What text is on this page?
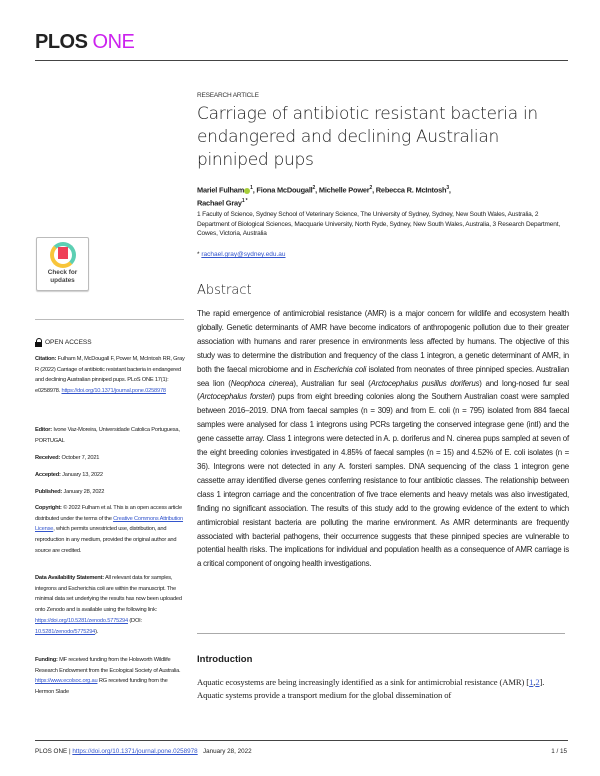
PLOS ONE
RESEARCH ARTICLE
Carriage of antibiotic resistant bacteria in endangered and declining Australian pinniped pups
Mariel Fulham $^1$, Fiona McDougall$^2$, Michelle Power$^2$, Rebecca R. McIntosh$^3$,
Rachael Gray$^{1 *}$
1 Faculty of Science, Sydney School of Veterinary Science, The University of Sydney, Sydney, New South Wales, Australia, 2 Department of Biological Sciences, Macquarie University, North Ryde, Sydney, New South Wales, Australia, 3 Research Department, Cowes, Victoria, Australia
* rachael.gray@sydney.edu.au
Abstract

The rapid emergence of antimicrobial resistance (AMR) is a major concern for wildlife and ecosystem health globally. Genetic determinants of AMR have become indicators of anthropogenic pollution due to their greater association with humans and rarer presence in environments less affected by humans. The objective of this study was to determine the distribution and frequency of the class 1 integron, a genetic determinant of AMR, in both the faecal microbiome and in Escherichia coli isolated from neonates of three pinniped species. Australian sea lion (Neophoca cinerea), Australian fur seal (Arctocephalus pusillus doriferus) and long-nosed fur seal (Arctocephalus forsteri) pups from eight breeding colonies along the Southern Australian coast were sampled between 2016–2019. DNA from faecal samples (n = 309) and from E. coli (n = 795) isolated from 884 faecal samples were analysed for class 1 integrons using PCRs targeting the conserved integrase gene (intI) and the gene cassette array. Class 1 integrons were detected in A. p. doriferus and N. cinerea pups sampled at seven of the eight breeding colonies investigated in 4.85% of faecal samples (n = 15) and 4.52% of E. coli isolates (n = 36). Integrons were not detected in any A. forsteri samples. DNA sequencing of the class 1 integron gene cassette array identified diverse genes conferring resistance to four antibiotic classes. The relationship between class 1 integron carriage and the concentration of five trace elements and heavy metals was also investigated, finding no significant association. The results of this study add to the growing evidence of the extent to which antimicrobial resistant bacteria are polluting the marine environment. As AMR determinants are frequently associated with bacterial pathogens, their occurrence suggests that these pinniped species are vulnerable to potential health risks. The implications for individual and population health as a consequence of AMR carriage is a critical component of ongoing health investigations.

Introduction

Aquatic ecosystems are being increasingly identified as a sink for antimicrobial resistance (AMR) [1,2]. Aquatic systems provide a transport medium for the global dissemination of

Check for updates
OPEN ACCESS
Citation: Fulham M, McDougall F, Power M, McIntosh RR, Gray R (2022) Carriage of antibiotic resistant bacteria in endangered and declining Australian pinniped pups. PLoS ONE 17(1): e0258978. https://doi.org/10.1371/journal.pone.0258978
Editor: Ivone Vaz-Moreira, Universidade Catolica Portuguesa, PORTUGAL
Received: October 7, 2021
Accepted: January 13, 2022
Published: January 28, 2022
Copyright: © 2022 Fulham et al. This is an open access article distributed under the terms of the Creative Commons Attribution License, which permits unrestricted use, distribution, and reproduction in any medium, provided the original author and source are credited.
Data Availability Statement: All relevant data for samples, integrons and Escherichia coli are within the manuscript. The minimal data set underlying the results has now been uploaded onto Zenodo and is available using the following link: https://doi.org/10.5281/zenodo.5775294 (DOI: 10.5281/zenodo/5775294).
Funding: MF received funding from the Holsworth Wildlife Research Endowment from the Ecological Society of Australia. https://www.ecolsoc.org.au RG received funding from the Hermon Slade
PLOS ONE | https://doi.org/10.1371/journal.pone.0258978 January 28, 2022	1 / 15
